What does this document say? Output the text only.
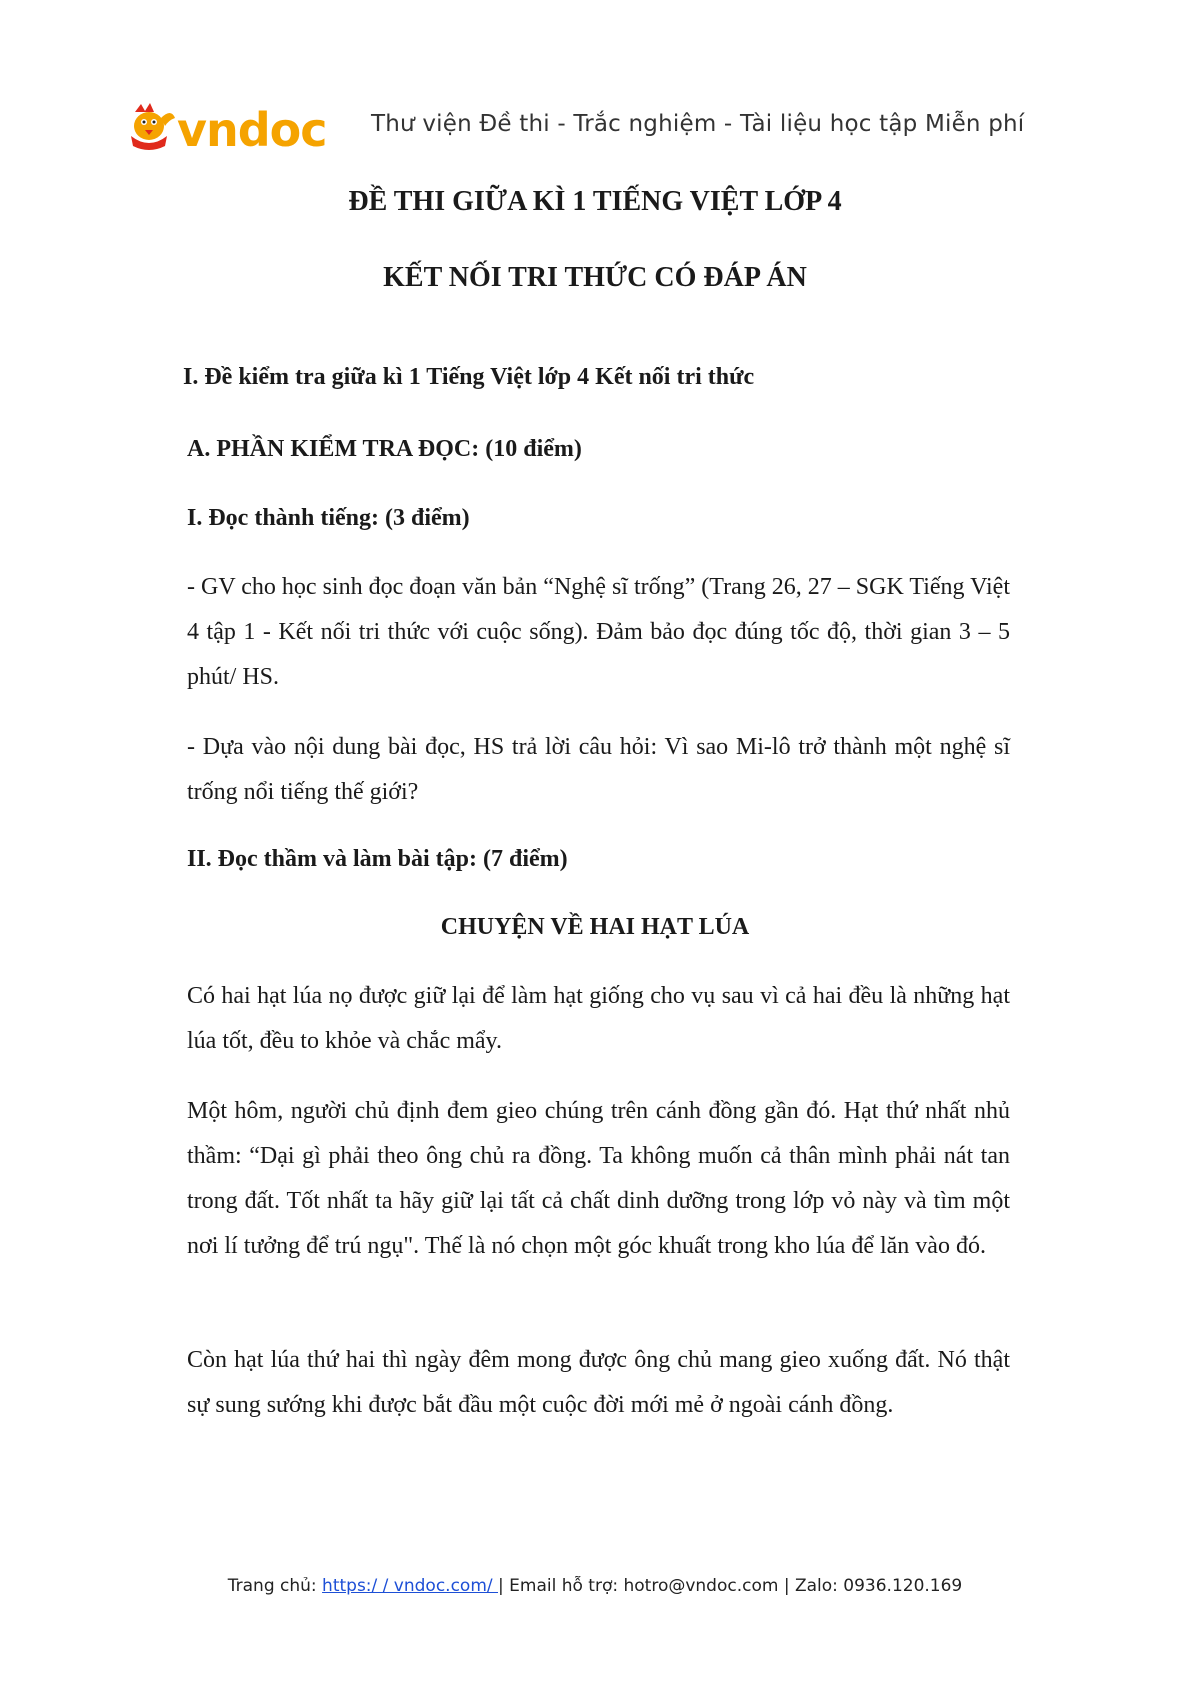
vndoc Thư viện Đề thi - Trắc nghiệm - Tài liệu học tập Miễn phí
ĐỀ THI GIỮA KÌ 1 TIẾNG VIỆT LỚP 4
KẾT NỐI TRI THỨC CÓ ĐÁP ÁN
I. Đề kiểm tra giữa kì 1 Tiếng Việt lớp 4 Kết nối tri thức
A. PHẦN KIỂM TRA ĐỌC: (10 điểm)
I. Đọc thành tiếng: (3 điểm)
- GV cho học sinh đọc đoạn văn bản “Nghệ sĩ trống” (Trang 26, 27 – SGK Tiếng Việt 4 tập 1 - Kết nối tri thức với cuộc sống). Đảm bảo đọc đúng tốc độ, thời gian 3 – 5 phút/ HS.
- Dựa vào nội dung bài đọc, HS trả lời câu hỏi: Vì sao Mi-lô trở thành một nghệ sĩ trống nổi tiếng thế giới?
II. Đọc thầm và làm bài tập: (7 điểm)
CHUYỆN VỀ HAI HẠT LÚA
Có hai hạt lúa nọ được giữ lại để làm hạt giống cho vụ sau vì cả hai đều là những hạt lúa tốt, đều to khỏe và chắc mẩy.
Một hôm, người chủ định đem gieo chúng trên cánh đồng gần đó. Hạt thứ nhất nhủ thầm: “Dại gì phải theo ông chủ ra đồng. Ta không muốn cả thân mình phải nát tan trong đất. Tốt nhất ta hãy giữ lại tất cả chất dinh dưỡng trong lớp vỏ này và tìm một nơi lí tưởng để trú ngụ". Thế là nó chọn một góc khuất trong kho lúa để lăn vào đó.
Còn hạt lúa thứ hai thì ngày đêm mong được ông chủ mang gieo xuống đất. Nó thật sự sung sướng khi được bắt đầu một cuộc đời mới mẻ ở ngoài cánh đồng.
Trang chủ: https:/ / vndoc.com/ | Email hỗ trợ: hotro@vndoc.com | Zalo: 0936.120.169
